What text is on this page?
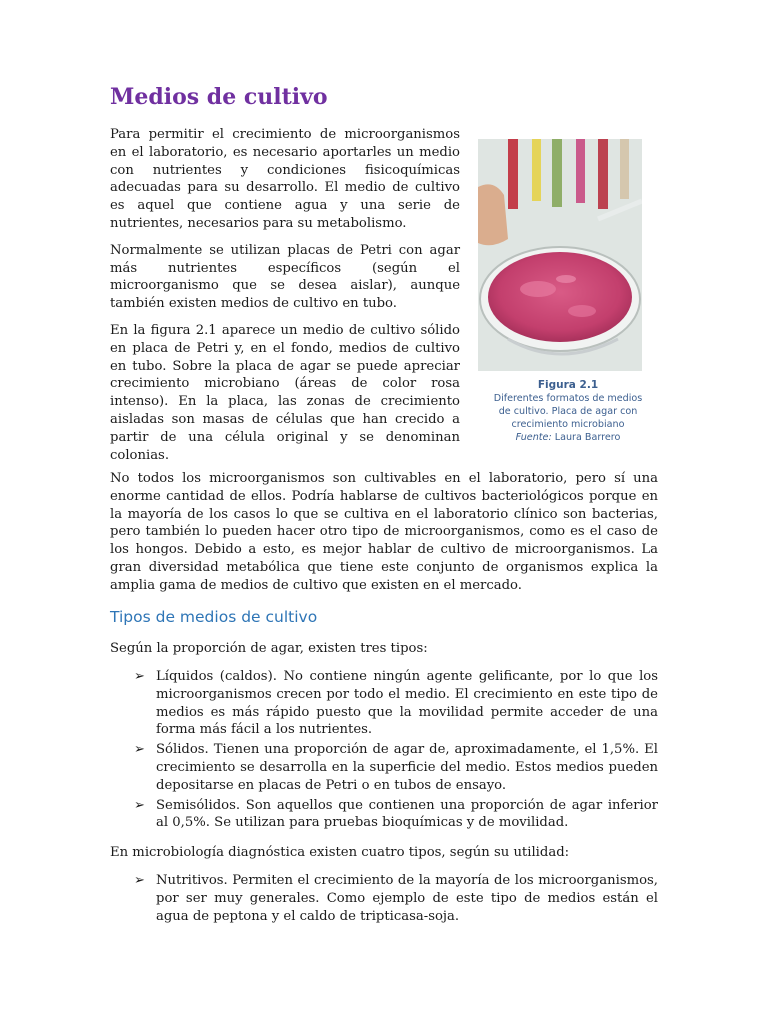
Medios de cultivo

Para permitir el crecimiento de microorganismos en el laboratorio, es necesario aportarles un medio con nutrientes y condiciones fisicoquímicas adecuadas para su desarrollo. El medio de cultivo es aquel que contiene agua y una serie de nutrientes, necesarios para su metabolismo.

Normalmente se utilizan placas de Petri con agar más nutrientes específicos (según el microorganismo que se desea aislar), aunque también existen medios de cultivo en tubo.

En la figura 2.1 aparece un medio de cultivo sólido en placa de Petri y, en el fondo, medios de cultivo en tubo. Sobre la placa de agar se puede apreciar crecimiento microbiano (áreas de color rosa intenso). En la placa, las zonas de crecimiento aisladas son masas de células que han crecido a partir de una célula original y se denominan colonias.

Figura 2.1
Diferentes formatos de medios
de cultivo. Placa de agar con
crecimiento microbiano
Fuente: Laura Barrero

No todos los microorganismos son cultivables en el laboratorio, pero sí una enorme cantidad de ellos. Podría hablarse de cultivos bacteriológicos porque en la mayoría de los casos lo que se cultiva en el laboratorio clínico son bacterias, pero también lo pueden hacer otro tipo de microorganismos, como es el caso de los hongos. Debido a esto, es mejor hablar de cultivo de microorganismos. La gran diversidad metabólica que tiene este conjunto de organismos explica la amplia gama de medios de cultivo que existen en el mercado.

Tipos de medios de cultivo

Según la proporción de agar, existen tres tipos:

➢ Líquidos (caldos). No contiene ningún agente gelificante, por lo que los microorganismos crecen por todo el medio. El crecimiento en este tipo de medios es más rápido puesto que la movilidad permite acceder de una forma más fácil a los nutrientes.
➢ Sólidos. Tienen una proporción de agar de, aproximadamente, el 1,5%. El crecimiento se desarrolla en la superficie del medio. Estos medios pueden depositarse en placas de Petri o en tubos de ensayo.
➢ Semisólidos. Son aquellos que contienen una proporción de agar inferior al 0,5%. Se utilizan para pruebas bioquímicas y de movilidad.

En microbiología diagnóstica existen cuatro tipos, según su utilidad:

➢ Nutritivos. Permiten el crecimiento de la mayoría de los microorganismos, por ser muy generales. Como ejemplo de este tipo de medios están el agua de peptona y el caldo de tripticasa-soja.
